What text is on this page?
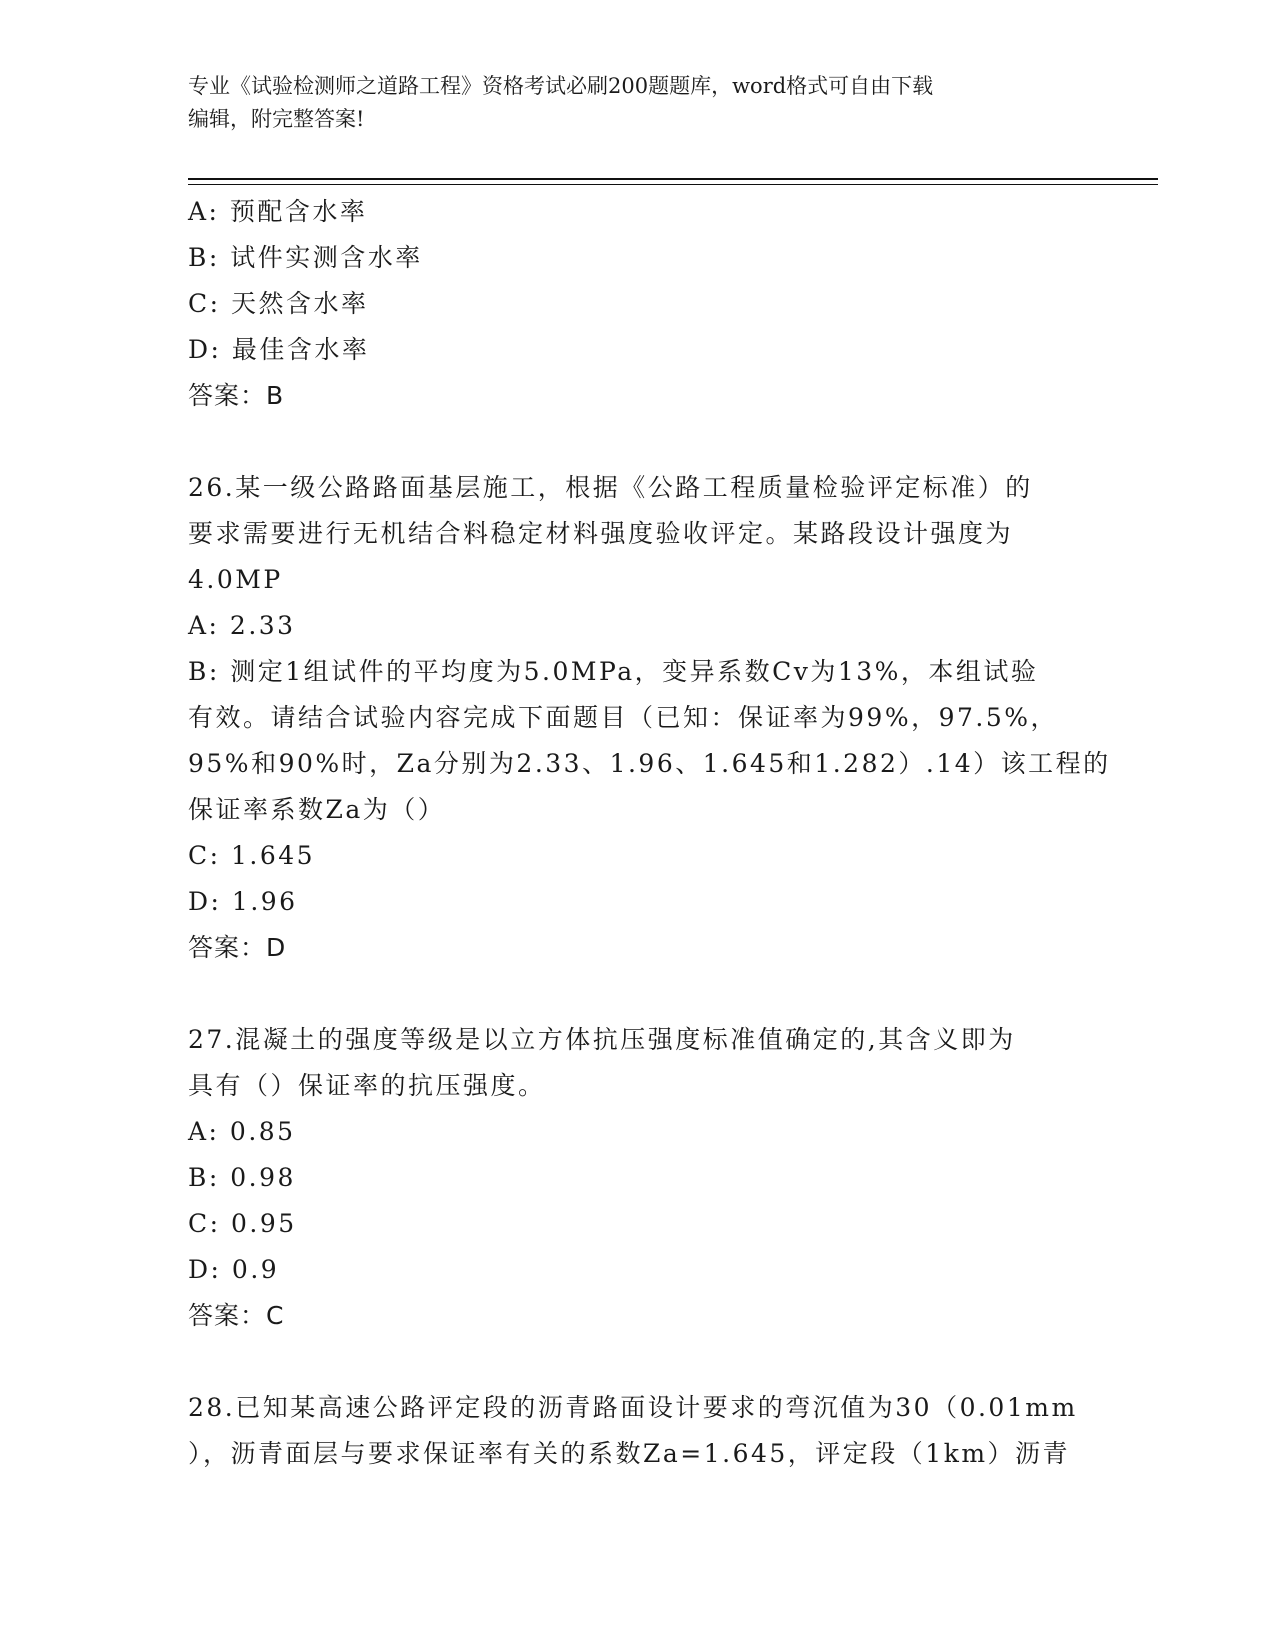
专业《试验检测师之道路工程》资格考试必刷200题题库，word格式可自由下载
编辑，附完整答案!
A: 预配含水率
B: 试件实测含水率
C: 天然含水率
D: 最佳含水率
答案：B
26.某一级公路路面基层施工，根据《公路工程质量检验评定标准）的
要求需要进行无机结合料稳定材料强度验收评定。某路段设计强度为
4.0MP
A: 2.33
B: 测定1组试件的平均度为5.0MPa，变异系数Cv为13%，本组试验
有效。请结合试验内容完成下面题目（已知：保证率为99%，97.5%，
95%和90%时，Za分别为2.33、1.96、1.645和1.282）.14）该工程的
保证率系数Za为（）
C: 1.645
D: 1.96
答案：D
27.混凝土的强度等级是以立方体抗压强度标准值确定的,其含义即为
具有（）保证率的抗压强度。
A: 0.85
B: 0.98
C: 0.95
D: 0.9
答案：C
28.已知某高速公路评定段的沥青路面设计要求的弯沉值为30（0.01mm
），沥青面层与要求保证率有关的系数Za=1.645，评定段（1km）沥青
